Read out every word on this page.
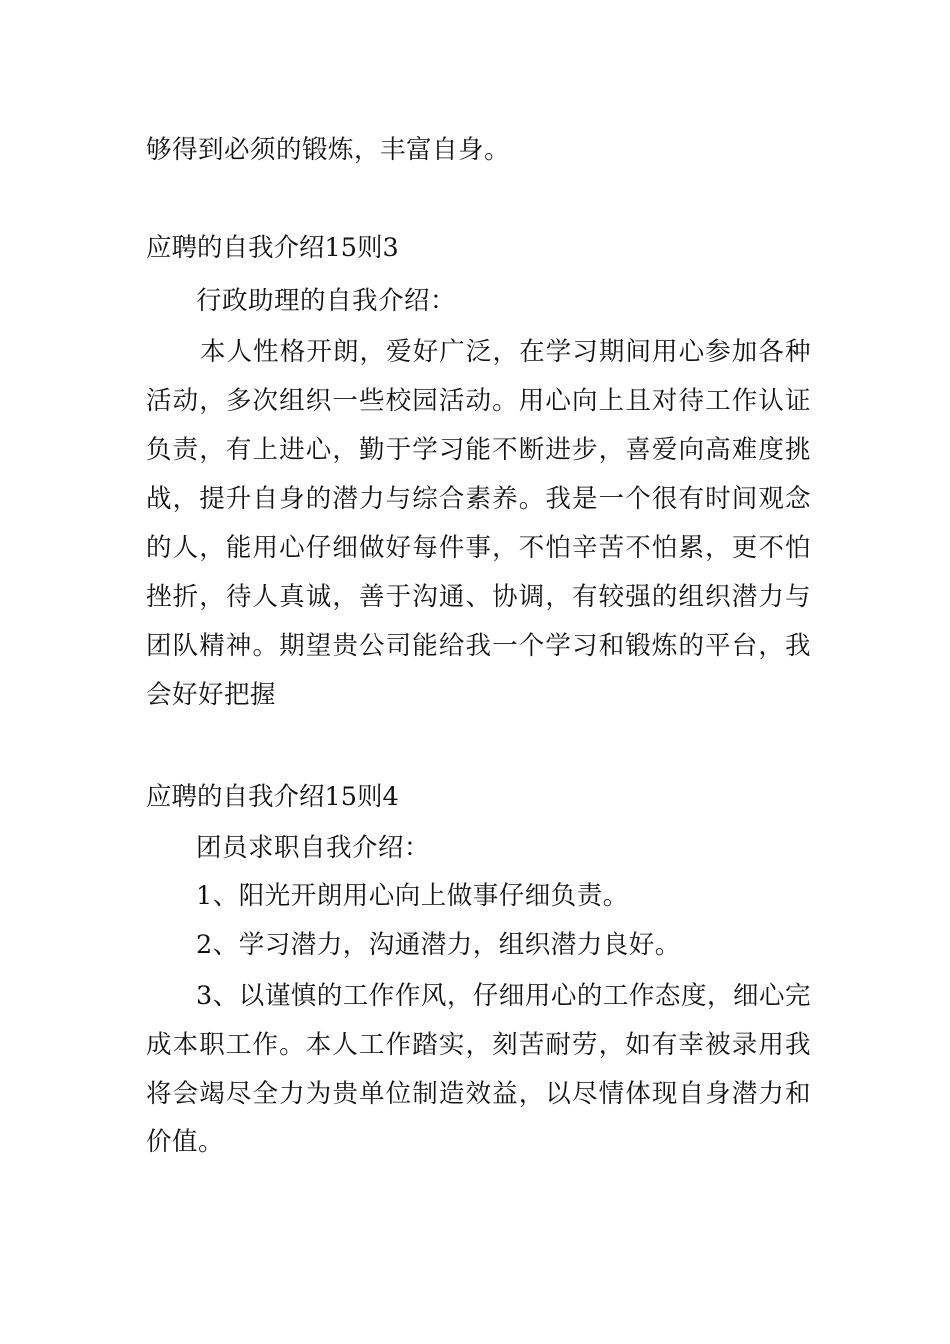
够得到必须的锻炼，丰富自身。
应聘的自我介绍15则3
行政助理的自我介绍：
本人性格开朗，爱好广泛，在学习期间用心参加各种
活动，多次组织一些校园活动。用心向上且对待工作认证
负责，有上进心，勤于学习能不断进步，喜爱向高难度挑
战，提升自身的潜力与综合素养。我是一个很有时间观念
的人，能用心仔细做好每件事，不怕辛苦不怕累，更不怕
挫折，待人真诚，善于沟通、协调，有较强的组织潜力与
团队精神。期望贵公司能给我一个学习和锻炼的平台，我
会好好把握
应聘的自我介绍15则4
团员求职自我介绍：
1、阳光开朗用心向上做事仔细负责。
2、学习潜力，沟通潜力，组织潜力良好。
3、以谨慎的工作作风，仔细用心的工作态度，细心完
成本职工作。本人工作踏实，刻苦耐劳，如有幸被录用我
将会竭尽全力为贵单位制造效益，以尽情体现自身潜力和
价值。
